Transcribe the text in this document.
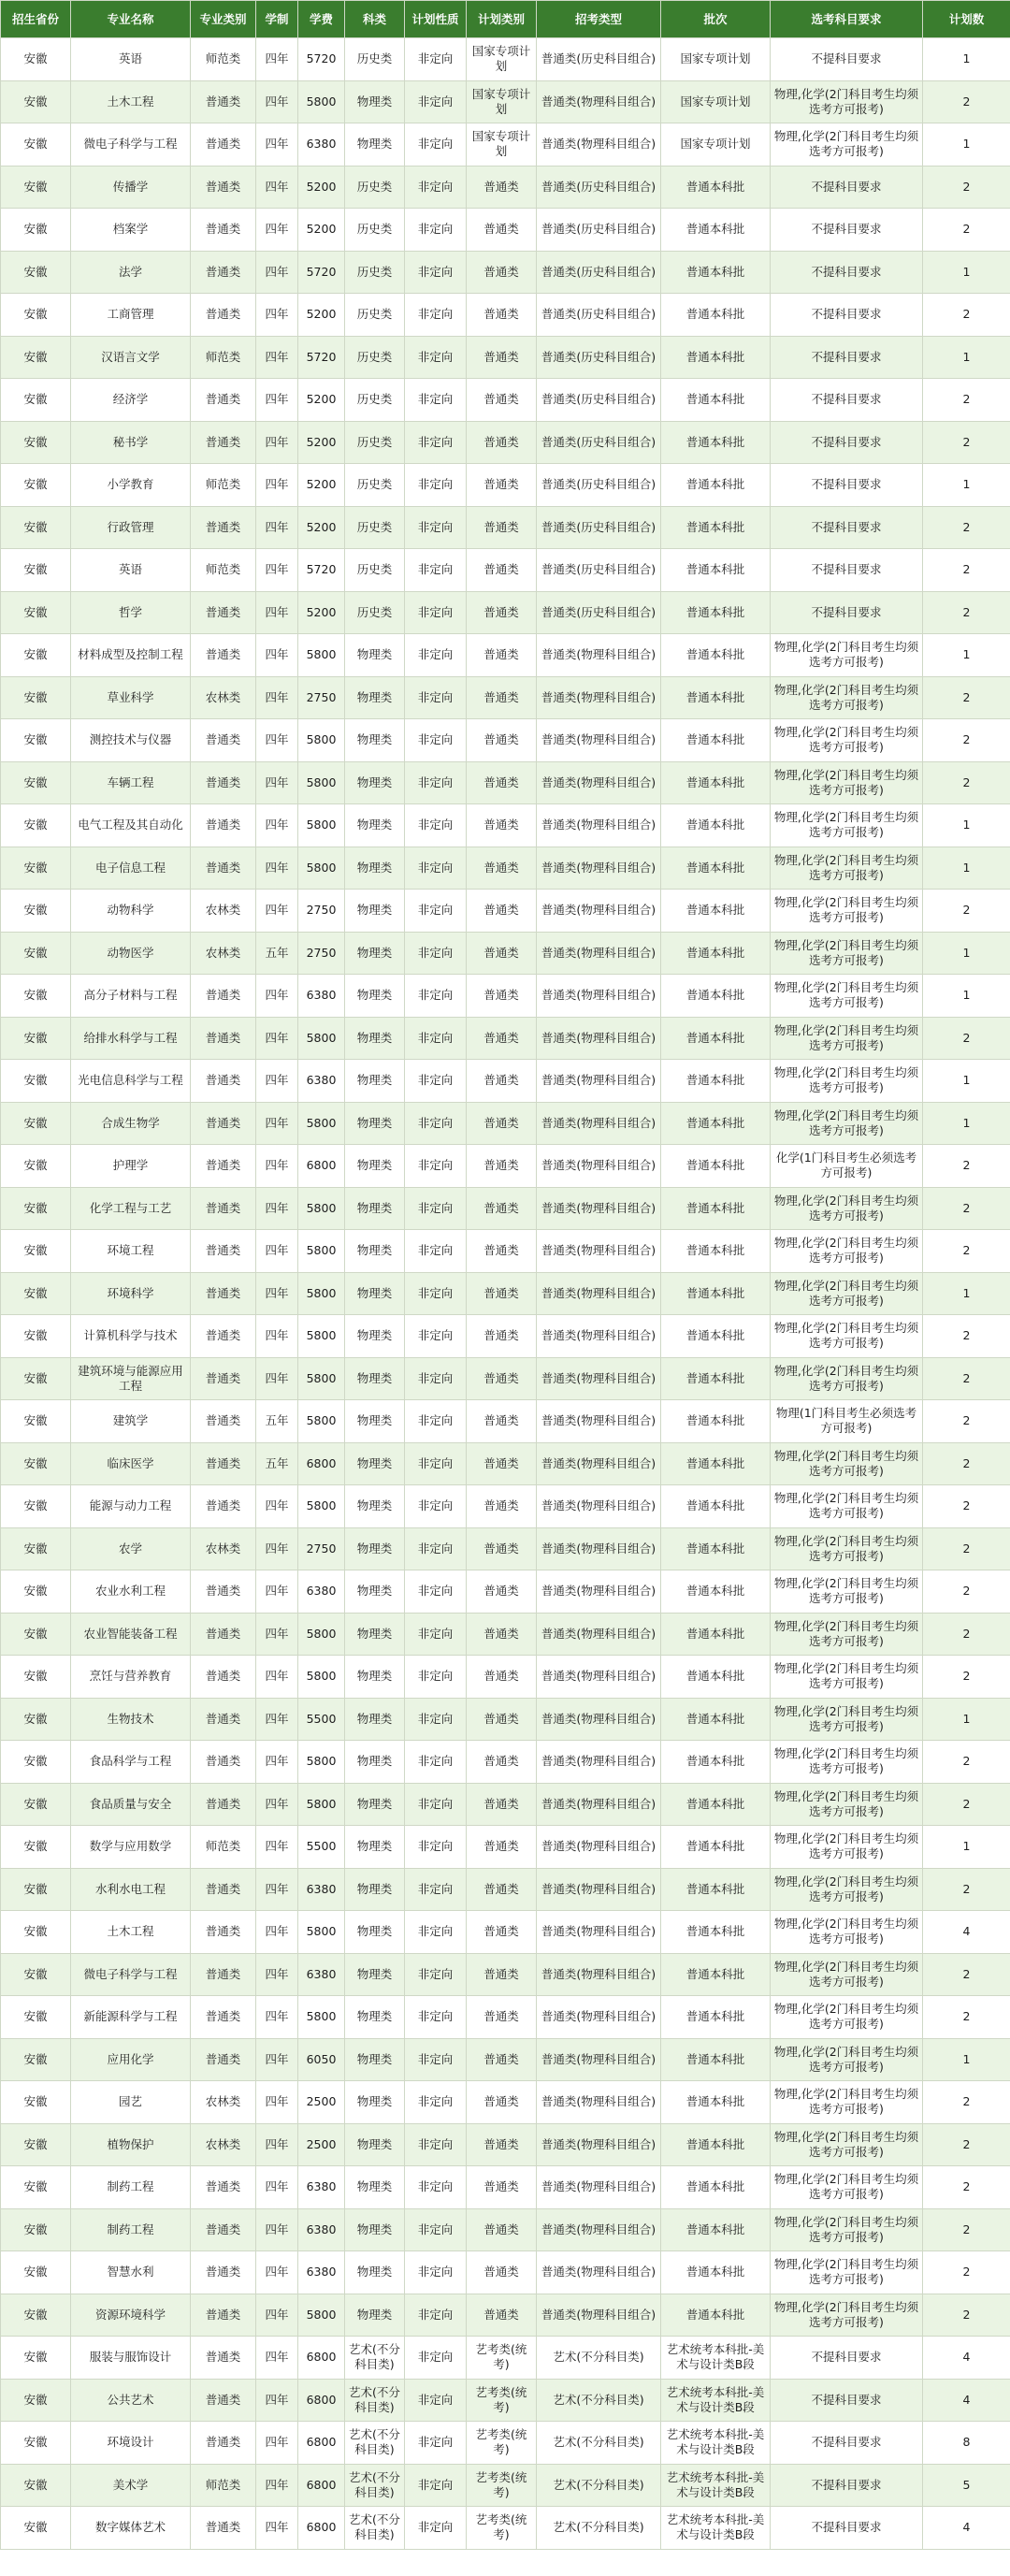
招生省份	专业名称	专业类别	学制	学费	科类	计划性质	计划类别	招考类型	批次	选考科目要求	计划数
安徽	英语	师范类	四年	5720	历史类	非定向	国家专项计划	普通类(历史科目组合)	国家专项计划	不提科目要求	1
安徽	土木工程	普通类	四年	5800	物理类	非定向	国家专项计划	普通类(物理科目组合)	国家专项计划	物理,化学(2门科目考生均须选考方可报考)	2
安徽	微电子科学与工程	普通类	四年	6380	物理类	非定向	国家专项计划	普通类(物理科目组合)	国家专项计划	物理,化学(2门科目考生均须选考方可报考)	1
安徽	传播学	普通类	四年	5200	历史类	非定向	普通类	普通类(历史科目组合)	普通本科批	不提科目要求	2
安徽	档案学	普通类	四年	5200	历史类	非定向	普通类	普通类(历史科目组合)	普通本科批	不提科目要求	2
安徽	法学	普通类	四年	5720	历史类	非定向	普通类	普通类(历史科目组合)	普通本科批	不提科目要求	1
安徽	工商管理	普通类	四年	5200	历史类	非定向	普通类	普通类(历史科目组合)	普通本科批	不提科目要求	2
安徽	汉语言文学	师范类	四年	5720	历史类	非定向	普通类	普通类(历史科目组合)	普通本科批	不提科目要求	1
安徽	经济学	普通类	四年	5200	历史类	非定向	普通类	普通类(历史科目组合)	普通本科批	不提科目要求	2
安徽	秘书学	普通类	四年	5200	历史类	非定向	普通类	普通类(历史科目组合)	普通本科批	不提科目要求	2
安徽	小学教育	师范类	四年	5200	历史类	非定向	普通类	普通类(历史科目组合)	普通本科批	不提科目要求	1
安徽	行政管理	普通类	四年	5200	历史类	非定向	普通类	普通类(历史科目组合)	普通本科批	不提科目要求	2
安徽	英语	师范类	四年	5720	历史类	非定向	普通类	普通类(历史科目组合)	普通本科批	不提科目要求	2
安徽	哲学	普通类	四年	5200	历史类	非定向	普通类	普通类(历史科目组合)	普通本科批	不提科目要求	2
安徽	材料成型及控制工程	普通类	四年	5800	物理类	非定向	普通类	普通类(物理科目组合)	普通本科批	物理,化学(2门科目考生均须选考方可报考)	1
安徽	草业科学	农林类	四年	2750	物理类	非定向	普通类	普通类(物理科目组合)	普通本科批	物理,化学(2门科目考生均须选考方可报考)	2
安徽	测控技术与仪器	普通类	四年	5800	物理类	非定向	普通类	普通类(物理科目组合)	普通本科批	物理,化学(2门科目考生均须选考方可报考)	2
安徽	车辆工程	普通类	四年	5800	物理类	非定向	普通类	普通类(物理科目组合)	普通本科批	物理,化学(2门科目考生均须选考方可报考)	2
安徽	电气工程及其自动化	普通类	四年	5800	物理类	非定向	普通类	普通类(物理科目组合)	普通本科批	物理,化学(2门科目考生均须选考方可报考)	1
安徽	电子信息工程	普通类	四年	5800	物理类	非定向	普通类	普通类(物理科目组合)	普通本科批	物理,化学(2门科目考生均须选考方可报考)	1
安徽	动物科学	农林类	四年	2750	物理类	非定向	普通类	普通类(物理科目组合)	普通本科批	物理,化学(2门科目考生均须选考方可报考)	2
安徽	动物医学	农林类	五年	2750	物理类	非定向	普通类	普通类(物理科目组合)	普通本科批	物理,化学(2门科目考生均须选考方可报考)	1
安徽	高分子材料与工程	普通类	四年	6380	物理类	非定向	普通类	普通类(物理科目组合)	普通本科批	物理,化学(2门科目考生均须选考方可报考)	1
安徽	给排水科学与工程	普通类	四年	5800	物理类	非定向	普通类	普通类(物理科目组合)	普通本科批	物理,化学(2门科目考生均须选考方可报考)	2
安徽	光电信息科学与工程	普通类	四年	6380	物理类	非定向	普通类	普通类(物理科目组合)	普通本科批	物理,化学(2门科目考生均须选考方可报考)	1
安徽	合成生物学	普通类	四年	5800	物理类	非定向	普通类	普通类(物理科目组合)	普通本科批	物理,化学(2门科目考生均须选考方可报考)	1
安徽	护理学	普通类	四年	6800	物理类	非定向	普通类	普通类(物理科目组合)	普通本科批	化学(1门科目考生必须选考方可报考)	2
安徽	化学工程与工艺	普通类	四年	5800	物理类	非定向	普通类	普通类(物理科目组合)	普通本科批	物理,化学(2门科目考生均须选考方可报考)	2
安徽	环境工程	普通类	四年	5800	物理类	非定向	普通类	普通类(物理科目组合)	普通本科批	物理,化学(2门科目考生均须选考方可报考)	2
安徽	环境科学	普通类	四年	5800	物理类	非定向	普通类	普通类(物理科目组合)	普通本科批	物理,化学(2门科目考生均须选考方可报考)	1
安徽	计算机科学与技术	普通类	四年	5800	物理类	非定向	普通类	普通类(物理科目组合)	普通本科批	物理,化学(2门科目考生均须选考方可报考)	2
安徽	建筑环境与能源应用工程	普通类	四年	5800	物理类	非定向	普通类	普通类(物理科目组合)	普通本科批	物理,化学(2门科目考生均须选考方可报考)	2
安徽	建筑学	普通类	五年	5800	物理类	非定向	普通类	普通类(物理科目组合)	普通本科批	物理(1门科目考生必须选考方可报考)	2
安徽	临床医学	普通类	五年	6800	物理类	非定向	普通类	普通类(物理科目组合)	普通本科批	物理,化学(2门科目考生均须选考方可报考)	2
安徽	能源与动力工程	普通类	四年	5800	物理类	非定向	普通类	普通类(物理科目组合)	普通本科批	物理,化学(2门科目考生均须选考方可报考)	2
安徽	农学	农林类	四年	2750	物理类	非定向	普通类	普通类(物理科目组合)	普通本科批	物理,化学(2门科目考生均须选考方可报考)	2
安徽	农业水利工程	普通类	四年	6380	物理类	非定向	普通类	普通类(物理科目组合)	普通本科批	物理,化学(2门科目考生均须选考方可报考)	2
安徽	农业智能装备工程	普通类	四年	5800	物理类	非定向	普通类	普通类(物理科目组合)	普通本科批	物理,化学(2门科目考生均须选考方可报考)	2
安徽	烹饪与营养教育	普通类	四年	5800	物理类	非定向	普通类	普通类(物理科目组合)	普通本科批	物理,化学(2门科目考生均须选考方可报考)	2
安徽	生物技术	普通类	四年	5500	物理类	非定向	普通类	普通类(物理科目组合)	普通本科批	物理,化学(2门科目考生均须选考方可报考)	1
安徽	食品科学与工程	普通类	四年	5800	物理类	非定向	普通类	普通类(物理科目组合)	普通本科批	物理,化学(2门科目考生均须选考方可报考)	2
安徽	食品质量与安全	普通类	四年	5800	物理类	非定向	普通类	普通类(物理科目组合)	普通本科批	物理,化学(2门科目考生均须选考方可报考)	2
安徽	数学与应用数学	师范类	四年	5500	物理类	非定向	普通类	普通类(物理科目组合)	普通本科批	物理,化学(2门科目考生均须选考方可报考)	1
安徽	水利水电工程	普通类	四年	6380	物理类	非定向	普通类	普通类(物理科目组合)	普通本科批	物理,化学(2门科目考生均须选考方可报考)	2
安徽	土木工程	普通类	四年	5800	物理类	非定向	普通类	普通类(物理科目组合)	普通本科批	物理,化学(2门科目考生均须选考方可报考)	4
安徽	微电子科学与工程	普通类	四年	6380	物理类	非定向	普通类	普通类(物理科目组合)	普通本科批	物理,化学(2门科目考生均须选考方可报考)	2
安徽	新能源科学与工程	普通类	四年	5800	物理类	非定向	普通类	普通类(物理科目组合)	普通本科批	物理,化学(2门科目考生均须选考方可报考)	2
安徽	应用化学	普通类	四年	6050	物理类	非定向	普通类	普通类(物理科目组合)	普通本科批	物理,化学(2门科目考生均须选考方可报考)	1
安徽	园艺	农林类	四年	2500	物理类	非定向	普通类	普通类(物理科目组合)	普通本科批	物理,化学(2门科目考生均须选考方可报考)	2
安徽	植物保护	农林类	四年	2500	物理类	非定向	普通类	普通类(物理科目组合)	普通本科批	物理,化学(2门科目考生均须选考方可报考)	2
安徽	制药工程	普通类	四年	6380	物理类	非定向	普通类	普通类(物理科目组合)	普通本科批	物理,化学(2门科目考生均须选考方可报考)	2
安徽	制药工程	普通类	四年	6380	物理类	非定向	普通类	普通类(物理科目组合)	普通本科批	物理,化学(2门科目考生均须选考方可报考)	2
安徽	智慧水利	普通类	四年	6380	物理类	非定向	普通类	普通类(物理科目组合)	普通本科批	物理,化学(2门科目考生均须选考方可报考)	2
安徽	资源环境科学	普通类	四年	5800	物理类	非定向	普通类	普通类(物理科目组合)	普通本科批	物理,化学(2门科目考生均须选考方可报考)	2
安徽	服装与服饰设计	普通类	四年	6800	艺术(不分科目类)	非定向	艺考类(统考)	艺术(不分科目类)	艺术统考本科批-美术与设计类B段	不提科目要求	4
安徽	公共艺术	普通类	四年	6800	艺术(不分科目类)	非定向	艺考类(统考)	艺术(不分科目类)	艺术统考本科批-美术与设计类B段	不提科目要求	4
安徽	环境设计	普通类	四年	6800	艺术(不分科目类)	非定向	艺考类(统考)	艺术(不分科目类)	艺术统考本科批-美术与设计类B段	不提科目要求	8
安徽	美术学	师范类	四年	6800	艺术(不分科目类)	非定向	艺考类(统考)	艺术(不分科目类)	艺术统考本科批-美术与设计类B段	不提科目要求	5
安徽	数字媒体艺术	普通类	四年	6800	艺术(不分科目类)	非定向	艺考类(统考)	艺术(不分科目类)	艺术统考本科批-美术与设计类B段	不提科目要求	4
